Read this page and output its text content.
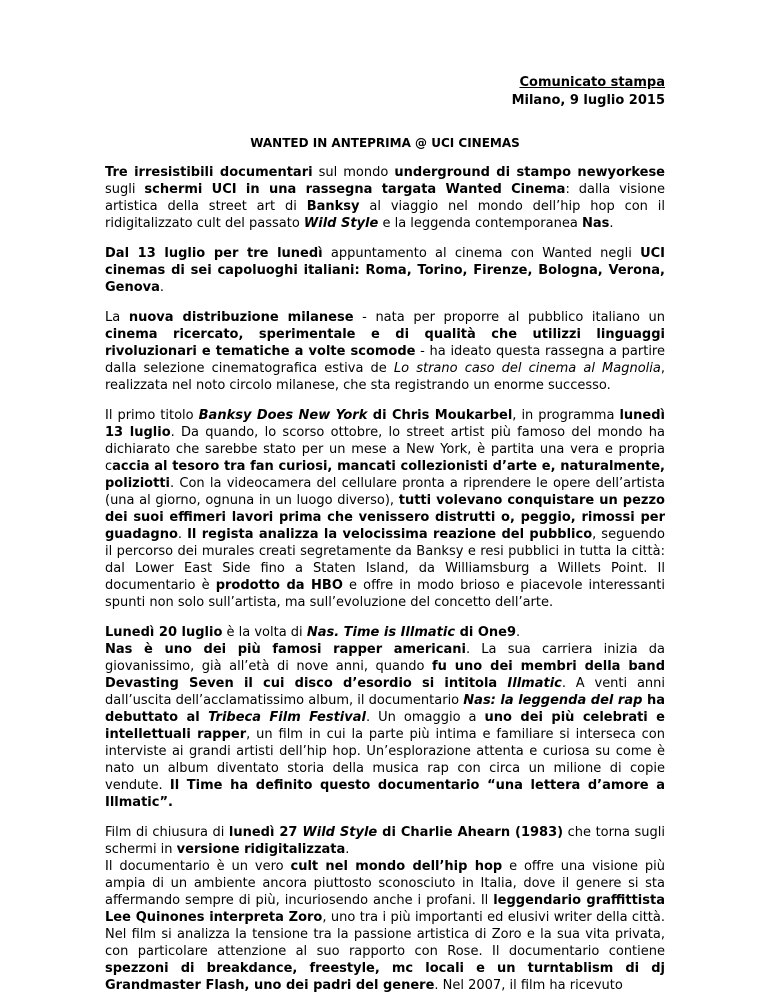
Comunicato stampa
Milano, 9 luglio 2015
WANTED IN ANTEPRIMA @ UCI CINEMAS

Tre irresistibili documentari sul mondo underground di stampo newyorkese sugli schermi UCI in una rassegna targata Wanted Cinema: dalla visione artistica della street art di Banksy al viaggio nel mondo dell’hip hop con il ridigitalizzato cult del passato Wild Style e la leggenda contemporanea Nas.

Dal 13 luglio per tre lunedì appuntamento al cinema con Wanted negli UCI cinemas di sei capoluoghi italiani: Roma, Torino, Firenze, Bologna, Verona, Genova.

La nuova distribuzione milanese - nata per proporre al pubblico italiano un cinema ricercato, sperimentale e di qualità che utilizzi linguaggi rivoluzionari e tematiche a volte scomode - ha ideato questa rassegna a partire dalla selezione cinematografica estiva de Lo strano caso del cinema al Magnolia, realizzata nel noto circolo milanese, che sta registrando un enorme successo.

Il primo titolo Banksy Does New York di Chris Moukarbel, in programma lunedì 13 luglio. Da quando, lo scorso ottobre, lo street artist più famoso del mondo ha dichiarato che sarebbe stato per un mese a New York, è partita una vera e propria caccia al tesoro tra fan curiosi, mancati collezionisti d’arte e, naturalmente, poliziotti. Con la videocamera del cellulare pronta a riprendere le opere dell’artista (una al giorno, ognuna in un luogo diverso), tutti volevano conquistare un pezzo dei suoi effimeri lavori prima che venissero distrutti o, peggio, rimossi per guadagno. Il regista analizza la velocissima reazione del pubblico, seguendo il percorso dei murales creati segretamente da Banksy e resi pubblici in tutta la città: dal Lower East Side fino a Staten Island, da Williamsburg a Willets Point. Il documentario è prodotto da HBO e offre in modo brioso e piacevole interessanti spunti non solo sull’artista, ma sull’evoluzione del concetto dell’arte.

Lunedì 20 luglio è la volta di Nas. Time is Illmatic di One9.

Nas è uno dei più famosi rapper americani. La sua carriera inizia da giovanissimo, già all’età di nove anni, quando fu uno dei membri della band Devasting Seven il cui disco d’esordio si intitola Illmatic. A venti anni dall’uscita dell’acclamatissimo album, il documentario Nas: la leggenda del rap ha debuttato al Tribeca Film Festival. Un omaggio a uno dei più celebrati e intellettuali rapper, un film in cui la parte più intima e familiare si interseca con interviste ai grandi artisti dell’hip hop. Un’esplorazione attenta e curiosa su come è nato un album diventato storia della musica rap con circa un milione di copie vendute. Il Time ha definito questo documentario “una lettera d’amore a Illmatic”.

Film di chiusura di lunedì 27 Wild Style di Charlie Ahearn (1983) che torna sugli schermi in versione ridigitalizzata.

Il documentario è un vero cult nel mondo dell’hip hop e offre una visione più ampia di un ambiente ancora piuttosto sconosciuto in Italia, dove il genere si sta affermando sempre di più, incuriosendo anche i profani. Il leggendario graffittista Lee Quinones interpreta Zoro, uno tra i più importanti ed elusivi writer della città. Nel film si analizza la tensione tra la passione artistica di Zoro e la sua vita privata, con particolare attenzione al suo rapporto con Rose. Il documentario contiene spezzoni di breakdance, freestyle, mc locali e un turntablism di dj Grandmaster Flash, uno dei padri del genere. Nel 2007, il film ha ricevuto
